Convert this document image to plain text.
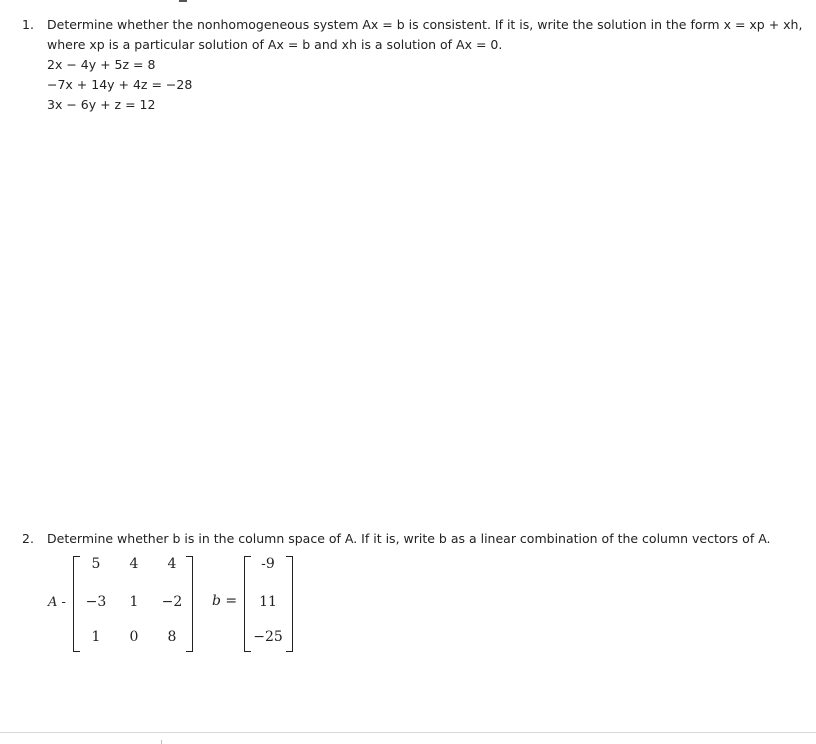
1. Determine whether the nonhomogeneous system Ax = b is consistent. If it is, write the solution in the form x = xp + xh,
where xp is a particular solution of Ax = b and xh is a solution of Ax = 0.
2x − 4y + 5z = 8
−7x + 14y + 4z = −28
3x − 6y + z = 12
2. Determine whether b is in the column space of A. If it is, write b as a linear combination of the column vectors of A.
A -
5	4	4
−3	1	−2
1	0	8
b =
-9
11
−25
